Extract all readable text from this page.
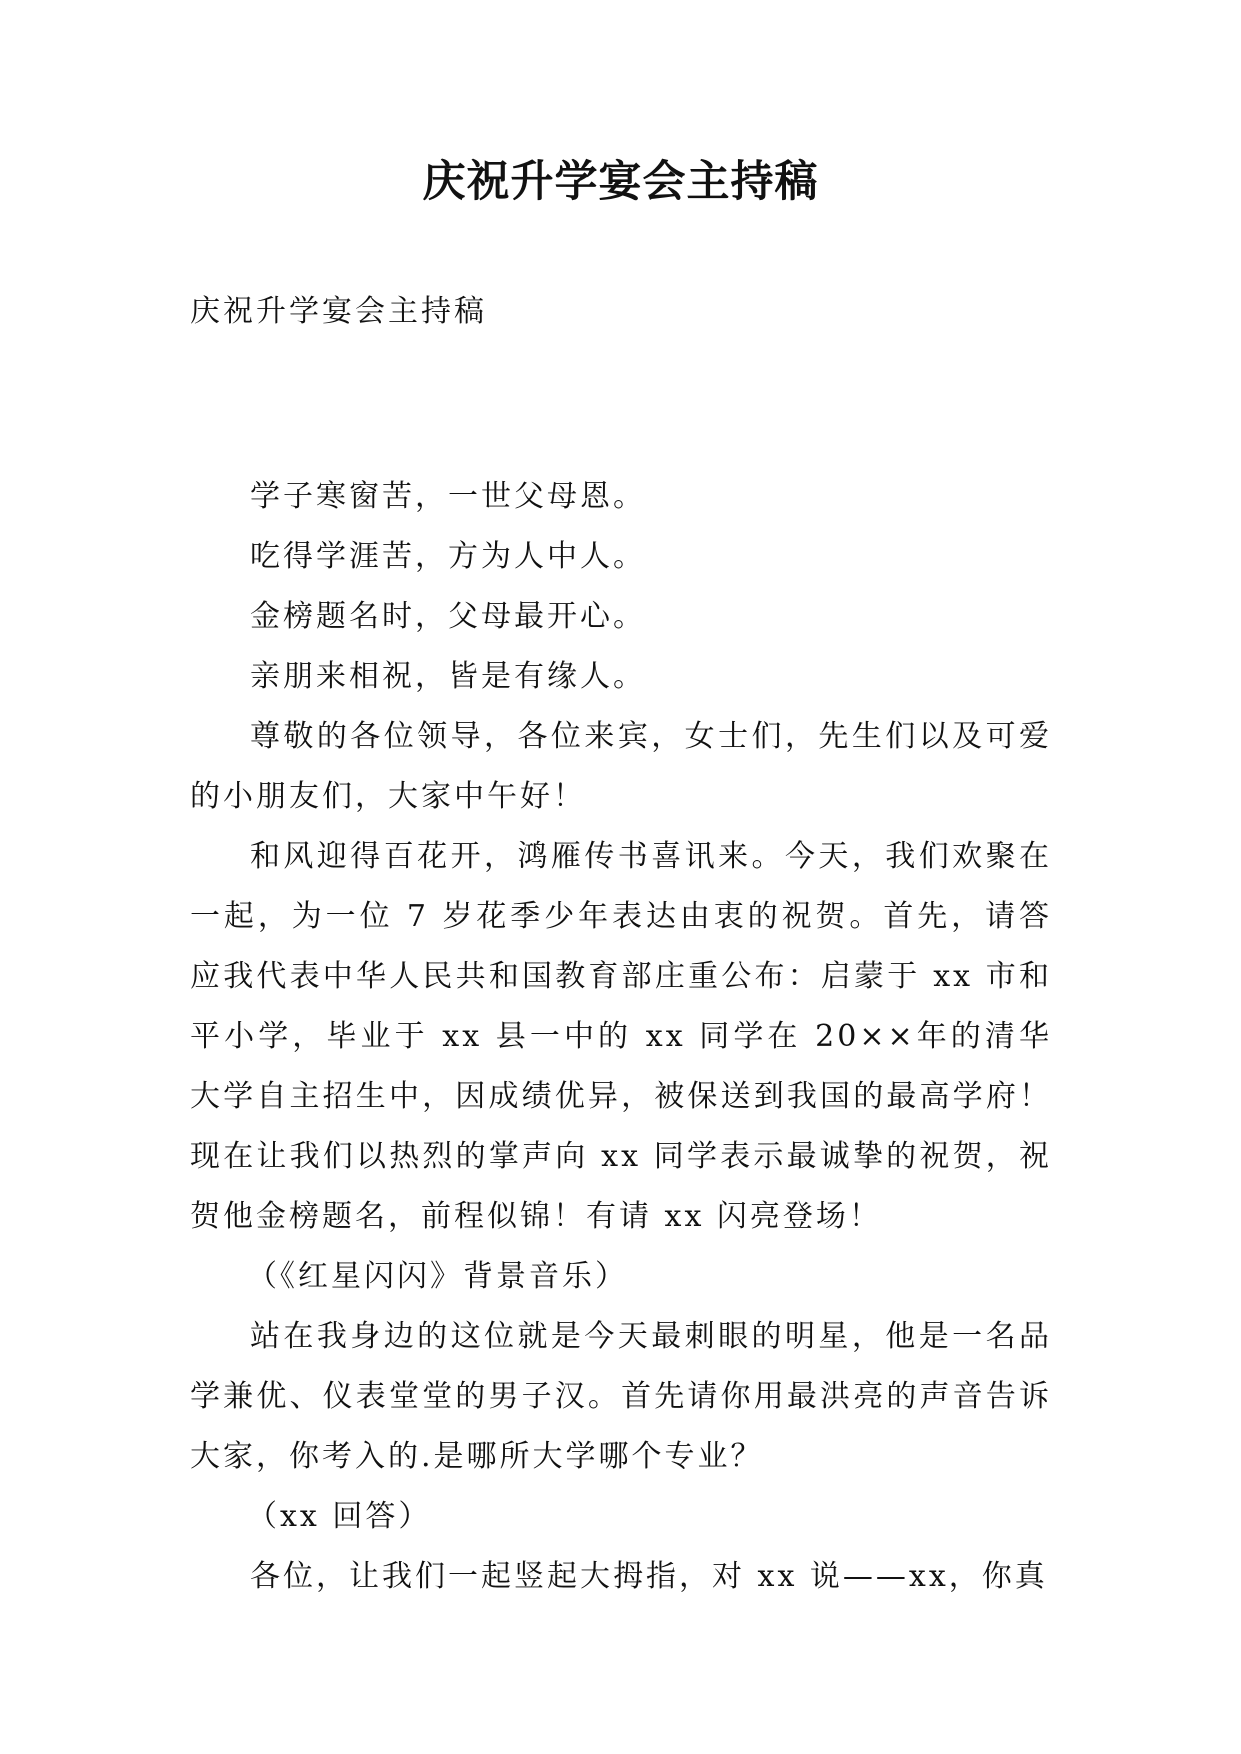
庆祝升学宴会主持稿

庆祝升学宴会主持稿

学子寒窗苦，一世父母恩。

吃得学涯苦，方为人中人。

金榜题名时，父母最开心。

亲朋来相祝，皆是有缘人。

尊敬的各位领导，各位来宾，女士们，先生们以及可爱的小朋友们，大家中午好！

和风迎得百花开，鸿雁传书喜讯来。今天，我们欢聚在一起，为一位 7 岁花季少年表达由衷的祝贺。首先，请答应我代表中华人民共和国教育部庄重公布：启蒙于 xx 市和平小学，毕业于 xx 县一中的 xx 同学在 20××年的清华大学自主招生中，因成绩优异，被保送到我国的最高学府！现在让我们以热烈的掌声向 xx 同学表示最诚挚的祝贺，祝贺他金榜题名，前程似锦！有请 xx 闪亮登场！

（《红星闪闪》背景音乐）

站在我身边的这位就是今天最刺眼的明星，他是一名品学兼优、仪表堂堂的男子汉。首先请你用最洪亮的声音告诉大家，你考入的.是哪所大学哪个专业？

（xx 回答）

各位，让我们一起竖起大拇指，对 xx 说——xx，你真
